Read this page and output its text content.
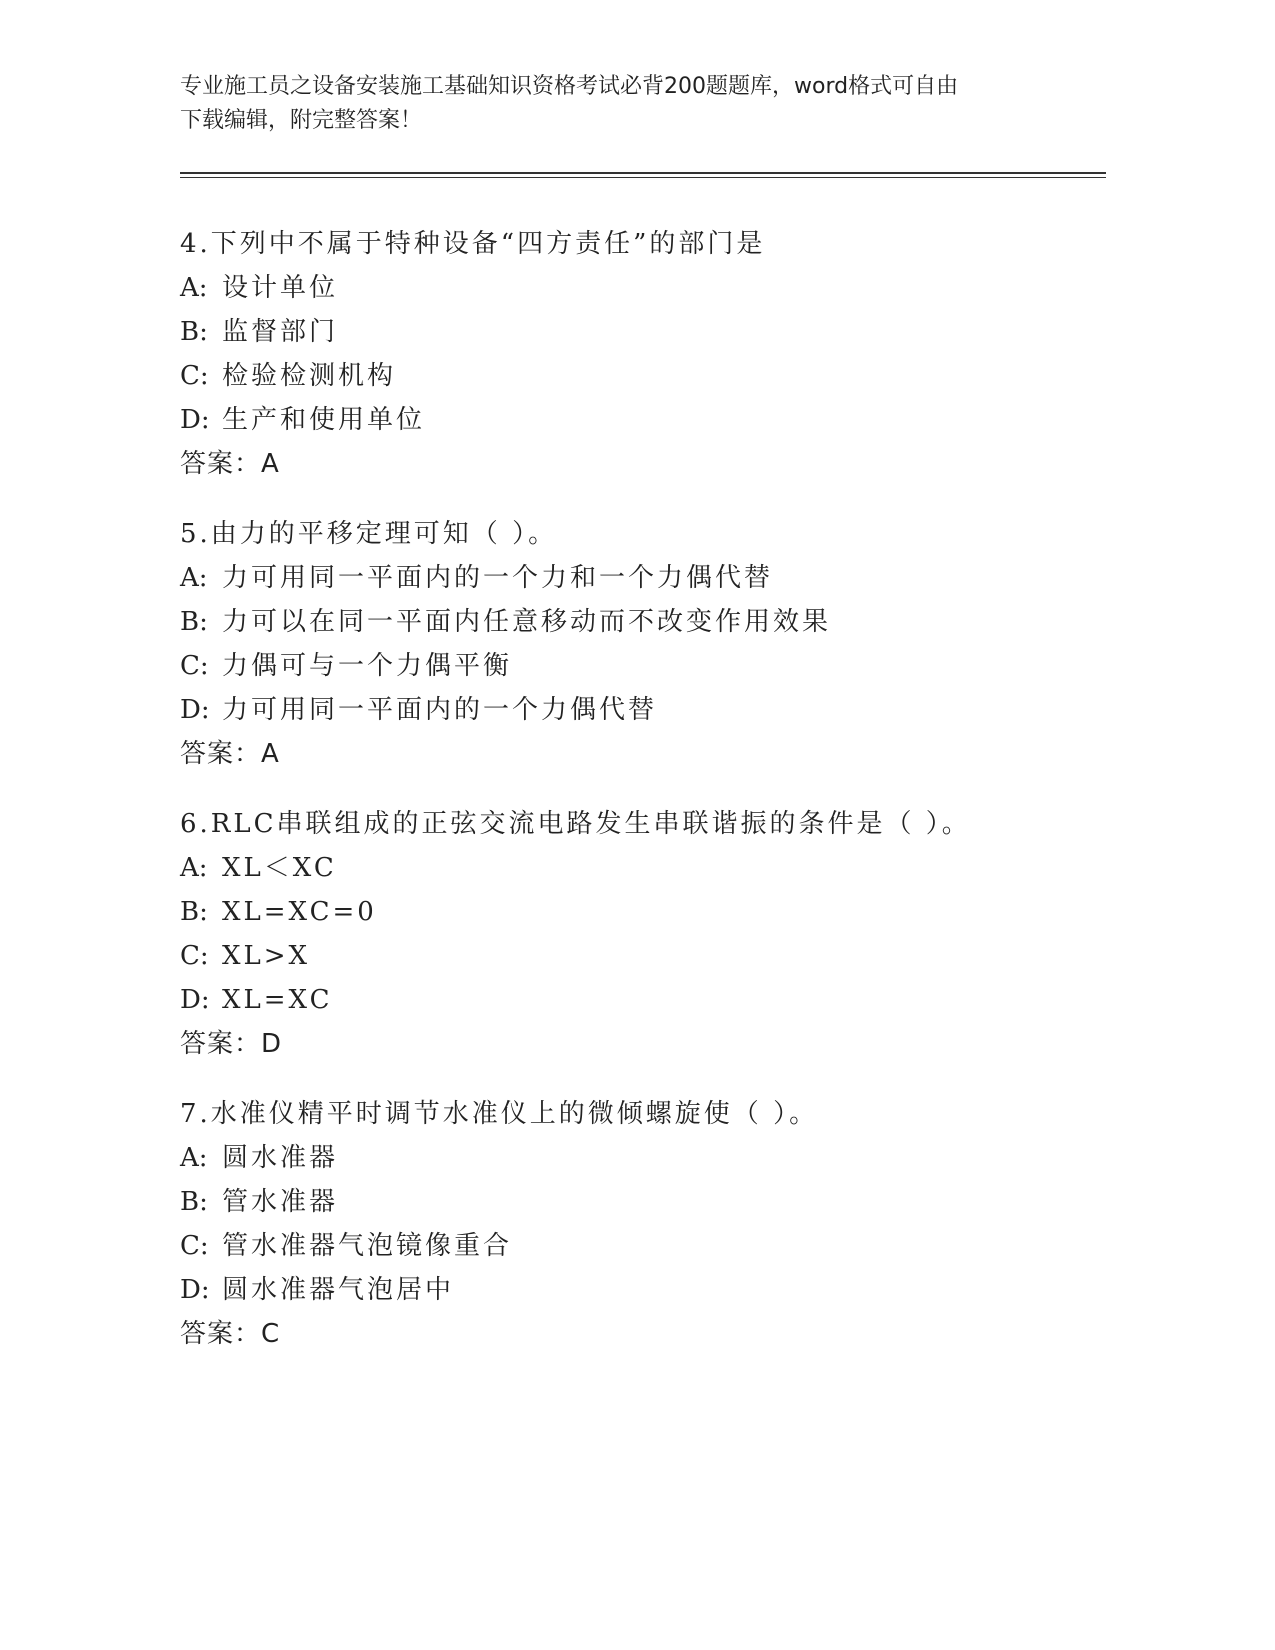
专业施工员之设备安装施工基础知识资格考试必背200题题库，word格式可自由
下载编辑，附完整答案！
4.下列中不属于特种设备“四方责任”的部门是
A: 设计单位
B: 监督部门
C: 检验检测机构
D: 生产和使用单位
答案：A
5.由力的平移定理可知（ ）。
A: 力可用同一平面内的一个力和一个力偶代替
B: 力可以在同一平面内任意移动而不改变作用效果
C: 力偶可与一个力偶平衡
D: 力可用同一平面内的一个力偶代替
答案：A
6.RLC串联组成的正弦交流电路发生串联谐振的条件是（ ）。
A: XL＜XC
B: XL=XC=0
C: XL>X
D: XL=XC
答案：D
7.水准仪精平时调节水准仪上的微倾螺旋使（ ）。
A: 圆水准器
B: 管水准器
C: 管水准器气泡镜像重合
D: 圆水准器气泡居中
答案：C
